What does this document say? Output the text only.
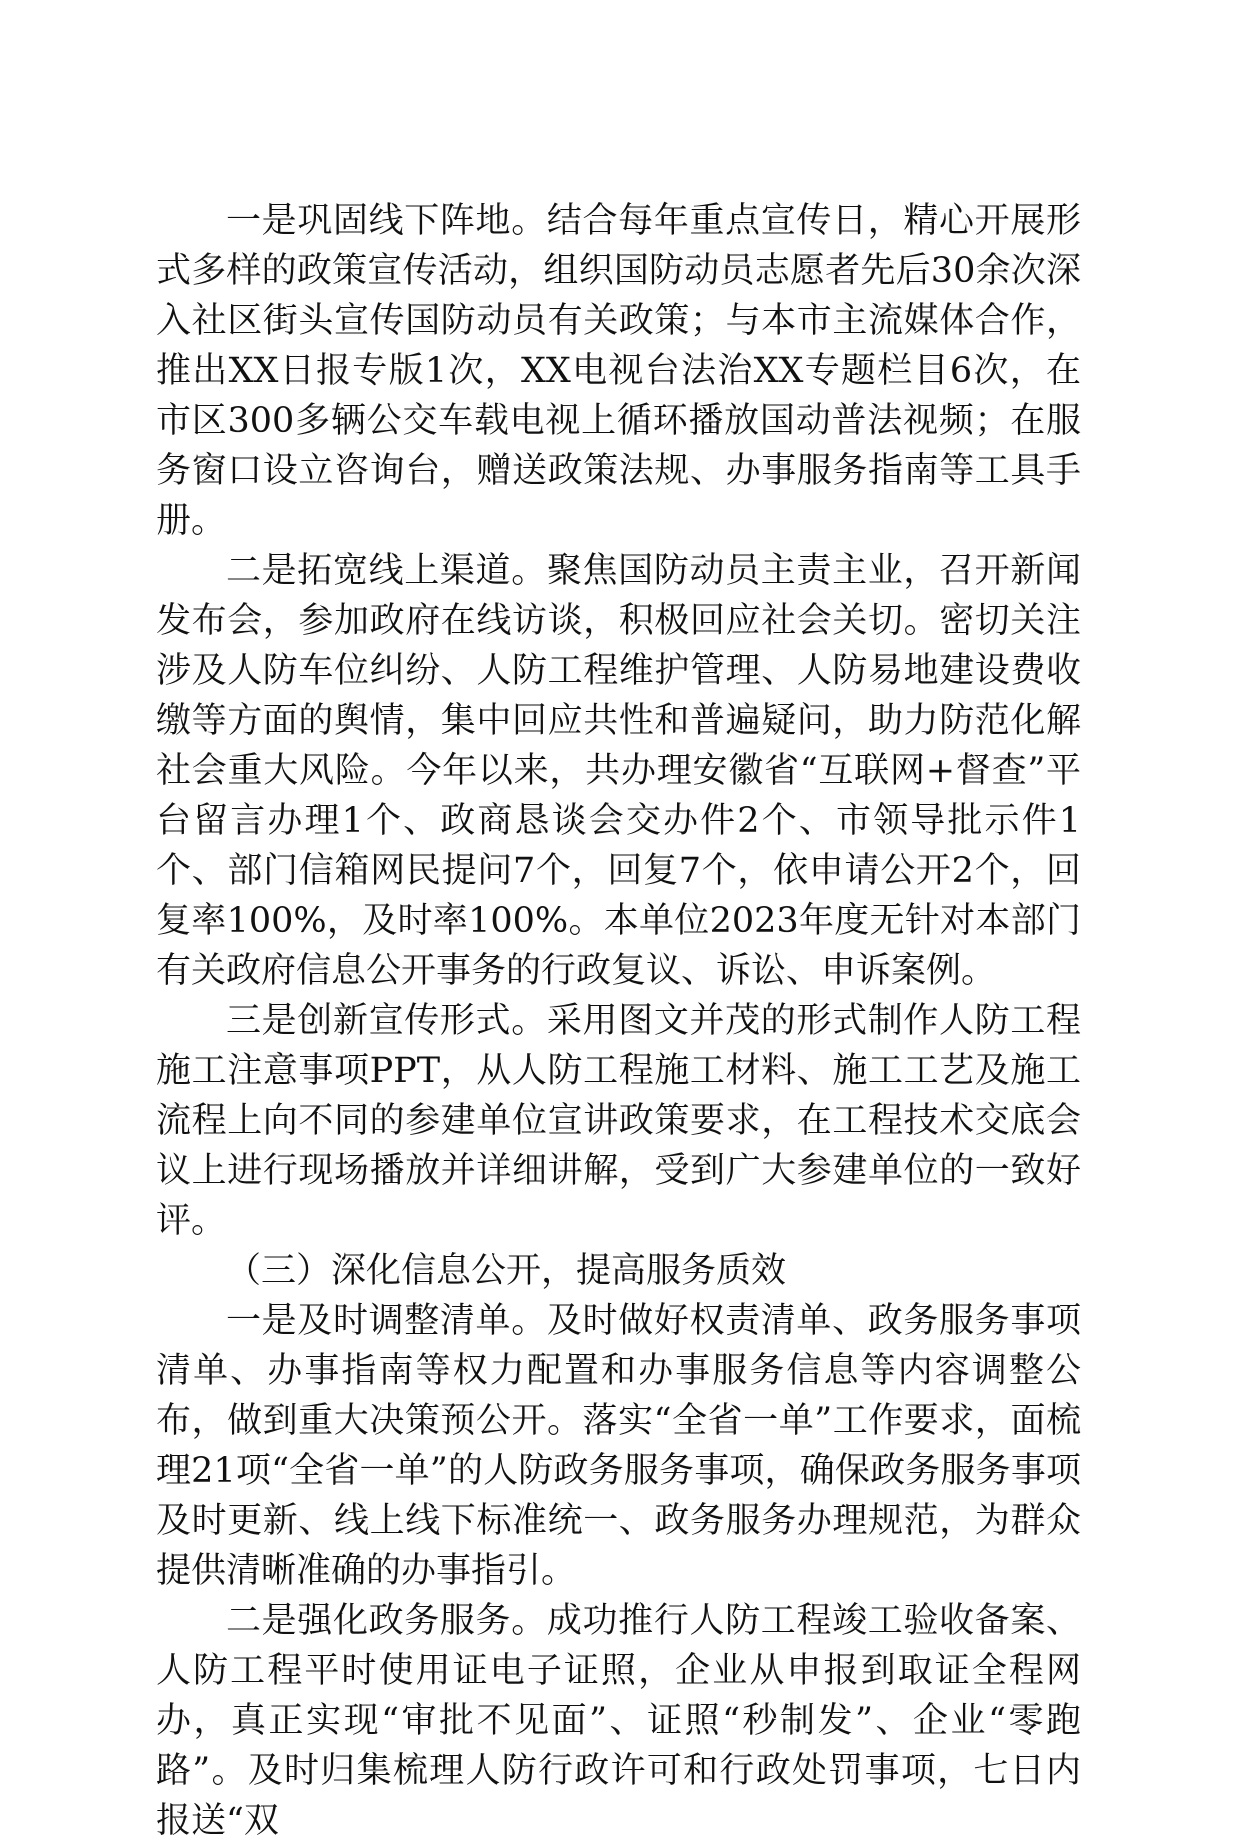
一是巩固线下阵地。结合每年重点宣传日，精心开展形式多样的政策宣传活动，组织国防动员志愿者先后30余次深入社区街头宣传国防动员有关政策；与本市主流媒体合作，推出XX日报专版1次，XX电视台法治XX专题栏目6次，在市区300多辆公交车载电视上循环播放国动普法视频；在服务窗口设立咨询台，赠送政策法规、办事服务指南等工具手册。

二是拓宽线上渠道。聚焦国防动员主责主业，召开新闻发布会，参加政府在线访谈，积极回应社会关切。密切关注涉及人防车位纠纷、人防工程维护管理、人防易地建设费收缴等方面的舆情，集中回应共性和普遍疑问，助力防范化解社会重大风险。今年以来，共办理安徽省“互联网+督查”平台留言办理1个、政商恳谈会交办件2个、市领导批示件1个、部门信箱网民提问7个，回复7个，依申请公开2个，回复率100%，及时率100%。本单位2023年度无针对本部门有关政府信息公开事务的行政复议、诉讼、申诉案例。

三是创新宣传形式。采用图文并茂的形式制作人防工程施工注意事项PPT，从人防工程施工材料、施工工艺及施工流程上向不同的参建单位宣讲政策要求，在工程技术交底会议上进行现场播放并详细讲解，受到广大参建单位的一致好评。

（三）深化信息公开，提高服务质效

一是及时调整清单。及时做好权责清单、政务服务事项清单、办事指南等权力配置和办事服务信息等内容调整公布，做到重大决策预公开。落实“全省一单”工作要求，面梳理21项“全省一单”的人防政务服务事项，确保政务服务事项及时更新、线上线下标准统一、政务服务办理规范，为群众提供清晰准确的办事指引。

二是强化政务服务。成功推行人防工程竣工验收备案、人防工程平时使用证电子证照，企业从申报到取证全程网办，真正实现“审批不见面”、证照“秒制发”、企业“零跑路”。及时归集梳理人防行政许可和行政处罚事项，七日内报送“双
